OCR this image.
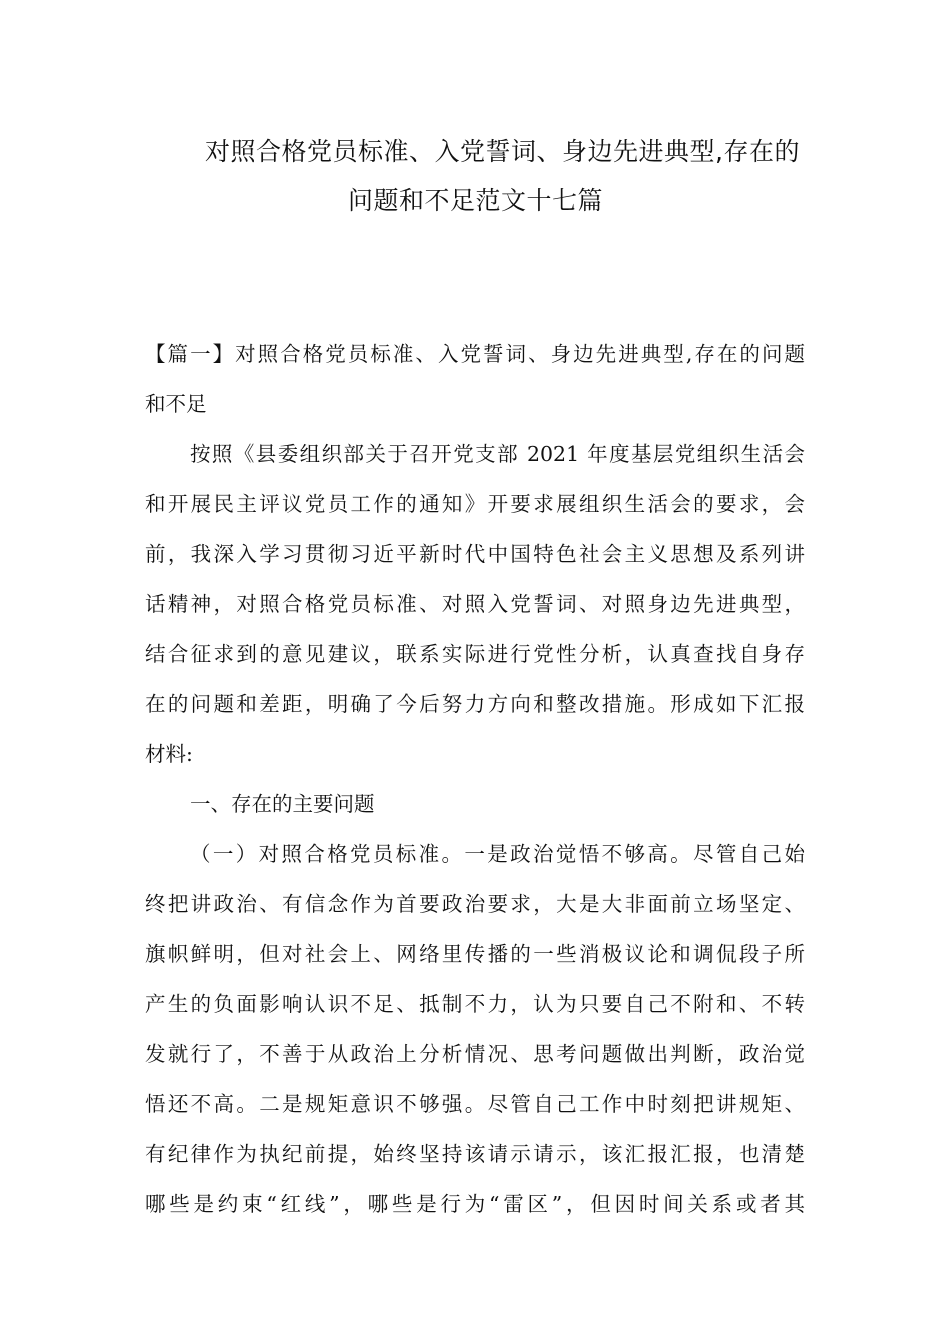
对照合格党员标准、入党誓词、身边先进典型,存在的
问题和不足范文十七篇
【篇一】对照合格党员标准、入党誓词、身边先进典型,存在的问题
和不足
按照《县委组织部关于召开党支部 2021 年度基层党组织生活会
和开展民主评议党员工作的通知》开要求展组织生活会的要求，会
前，我深入学习贯彻习近平新时代中国特色社会主义思想及系列讲
话精神，对照合格党员标准、对照入党誓词、对照身边先进典型，
结合征求到的意见建议，联系实际进行党性分析，认真查找自身存
在的问题和差距，明确了今后努力方向和整改措施。形成如下汇报
材料:
一、存在的主要问题
（一）对照合格党员标准。一是政治觉悟不够高。尽管自己始
终把讲政治、有信念作为首要政治要求，大是大非面前立场坚定、
旗帜鲜明，但对社会上、网络里传播的一些消极议论和调侃段子所
产生的负面影响认识不足、抵制不力，认为只要自己不附和、不转
发就行了，不善于从政治上分析情况、思考问题做出判断，政治觉
悟还不高。二是规矩意识不够强。尽管自己工作中时刻把讲规矩、
有纪律作为执纪前提，始终坚持该请示请示，该汇报汇报，也清楚
哪些是约束“红线”，哪些是行为“雷区”，但因时间关系或者其
